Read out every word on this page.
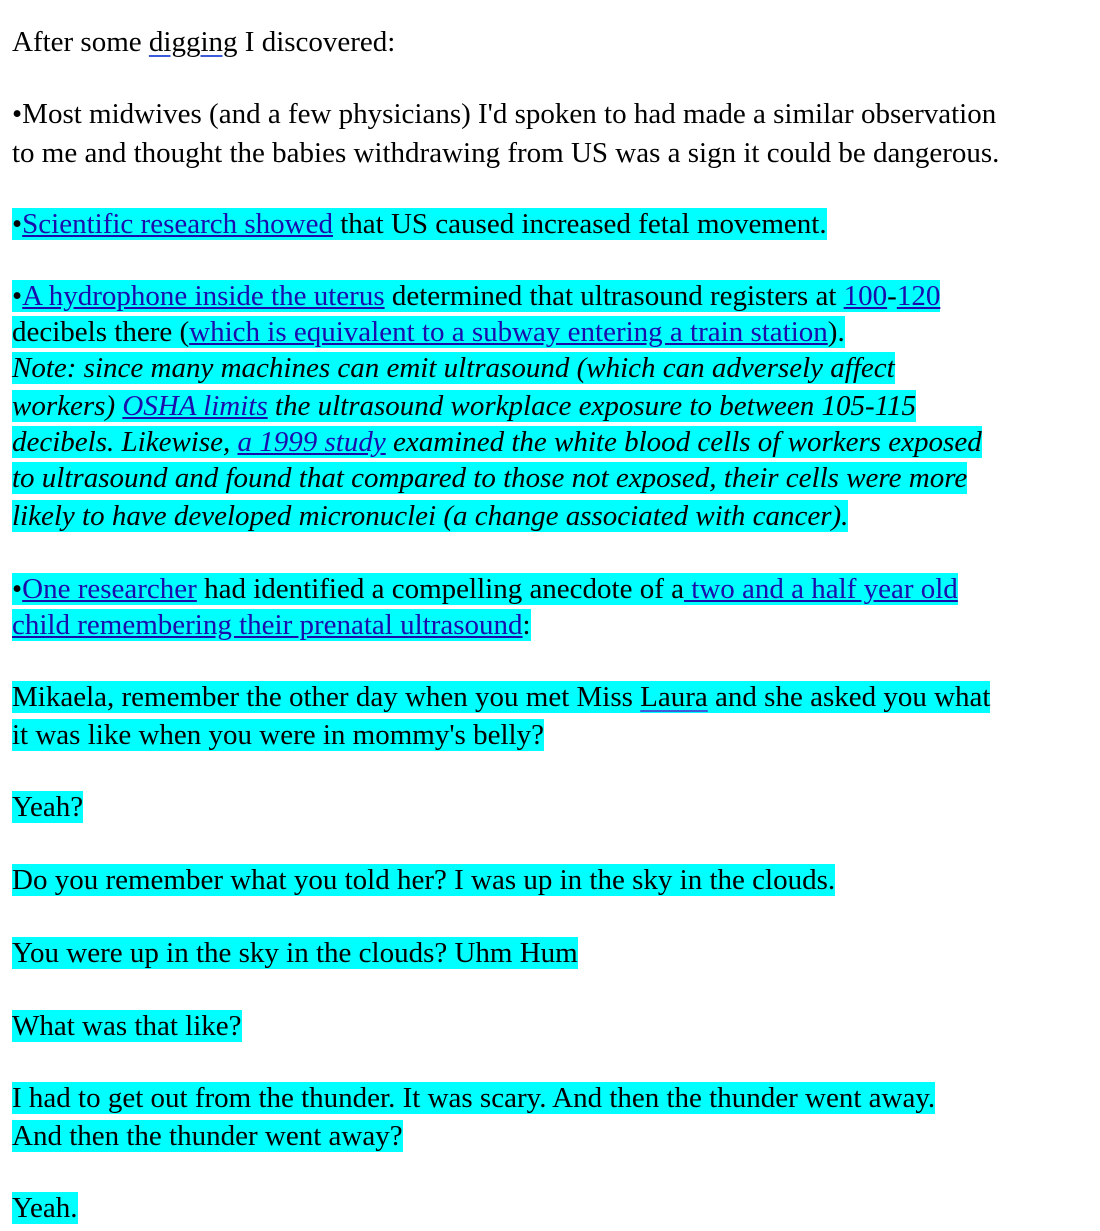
After some digging I discovered:
•Most midwives (and a few physicians) I'd spoken to had made a similar observation
to me and thought the babies withdrawing from US was a sign it could be dangerous.
•Scientific research showed that US caused increased fetal movement.
•A hydrophone inside the uterus determined that ultrasound registers at 100-120
decibels there (which is equivalent to a subway entering a train station).
Note: since many machines can emit ultrasound (which can adversely affect
workers) OSHA limits the ultrasound workplace exposure to between 105-115
decibels. Likewise, a 1999 study examined the white blood cells of workers exposed
to ultrasound and found that compared to those not exposed, their cells were more
likely to have developed micronuclei (a change associated with cancer).
•One researcher had identified a compelling anecdote of a two and a half year old
child remembering their prenatal ultrasound:
Mikaela, remember the other day when you met Miss Laura and she asked you what
it was like when you were in mommy's belly?
Yeah?
Do you remember what you told her? I was up in the sky in the clouds.
You were up in the sky in the clouds? Uhm Hum
What was that like?
I had to get out from the thunder. It was scary. And then the thunder went away.
And then the thunder went away?
Yeah.
